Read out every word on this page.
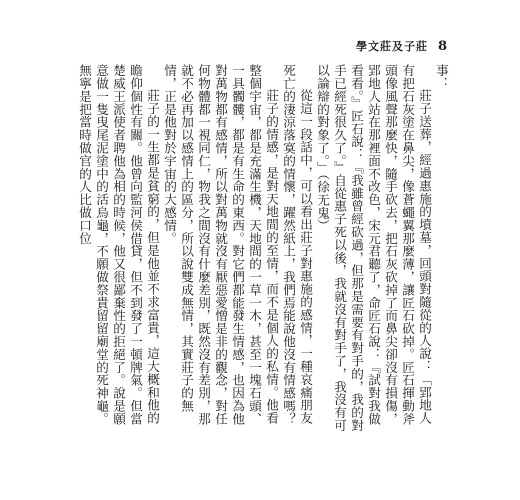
學文莊及子莊 8

事：

莊子送葬，經過惠施的墳墓，回頭對隨從的人說：「郢地人有把石灰塗在鼻尖，像蒼蠅翼那麼薄，讓匠石砍掉。匠石揮動斧頭像風聲那麼快，隨手砍去，把石灰砍掉了而鼻尖卻沒有損傷，郢地人站在那裡面不改色，宋元君聽了，命匠石說：『試對我做看看。』匠石說：『我雖曾經砍過，但那是需要有對手的，我的對手已經死很久了。』自從惠子死以後，我就沒有對手了，我沒有可以論辯的對象了。」（徐无鬼）

從這一段話中，可以看出莊子對惠施的感情，一種哀痛朋友死亡的淒涼落寞的情懷，躍然紙上，我們焉能說他沒有情感嗎？

莊子的情感，是對天地間的至情，而不是個人的私情。他看整個宇宙，都是充滿生機，天地間的一草一木，甚至一塊石頭、一具髑髏，都是有生命的東西。對它們都能發生情感，也因為他對萬物都有感情，所以對萬物就沒有厭惡愛憎是非的觀念，對任何物體都一視同仁，物我之間沒有什麼差別，既然沒有差別，那就不必再加以感情上的區分，所以說雙成無情，其實莊子的無情，正是他對於宇宙的大感情。

莊子的一生都是貧窮的，但是他並不求富貴，這大概和他的瞻仰個性有關。他曾向監河侯借貸，但不到發了一頓牌氣。但當楚威王派使者聘他為相的時候，他又很鄙棄性的拒絕了。說是願意做一隻曳尾泥塗中的活烏龜，不願做祭貴留留廟堂的死神龜。無寧是把當時做官的人比做口位
